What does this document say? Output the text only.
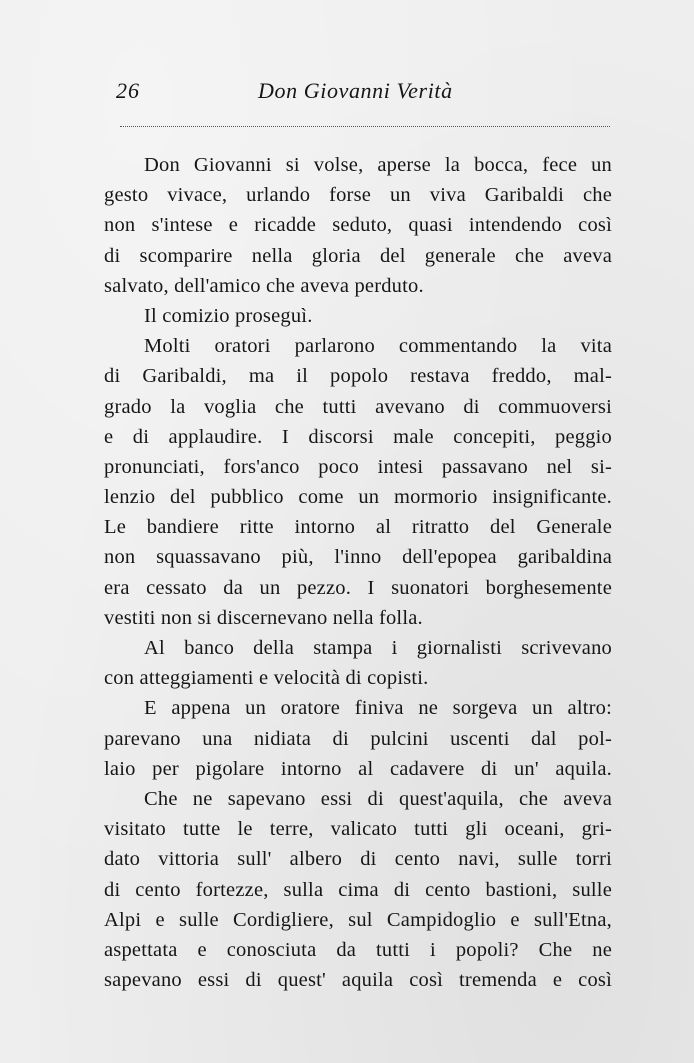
26	Don Giovanni Verità
Don Giovanni si volse, aperse la bocca, fece un
gesto vivace, urlando forse un viva Garibaldi che
non s'intese e ricadde seduto, quasi intendendo così
di scomparire nella gloria del generale che aveva
salvato, dell'amico che aveva perduto.
Il comizio proseguì.
Molti oratori parlarono commentando la vita
di Garibaldi, ma il popolo restava freddo, mal-
grado la voglia che tutti avevano di commuoversi
e di applaudire. I discorsi male concepiti, peggio
pronunciati, fors'anco poco intesi passavano nel si-
lenzio del pubblico come un mormorio insignificante.
Le bandiere ritte intorno al ritratto del Generale
non squassavano più, l'inno dell'epopea garibaldina
era cessato da un pezzo. I suonatori borghesemente
vestiti non si discernevano nella folla.
Al banco della stampa i giornalisti scrivevano
con atteggiamenti e velocità di copisti.
E appena un oratore finiva ne sorgeva un altro:
parevano una nidiata di pulcini uscenti dal pol-
laio per pigolare intorno al cadavere di un' aquila.
Che ne sapevano essi di quest'aquila, che aveva
visitato tutte le terre, valicato tutti gli oceani, gri-
dato vittoria sull' albero di cento navi, sulle torri
di cento fortezze, sulla cima di cento bastioni, sulle
Alpi e sulle Cordigliere, sul Campidoglio e sull'Etna,
aspettata e conosciuta da tutti i popoli? Che ne
sapevano essi di quest' aquila così tremenda e così
